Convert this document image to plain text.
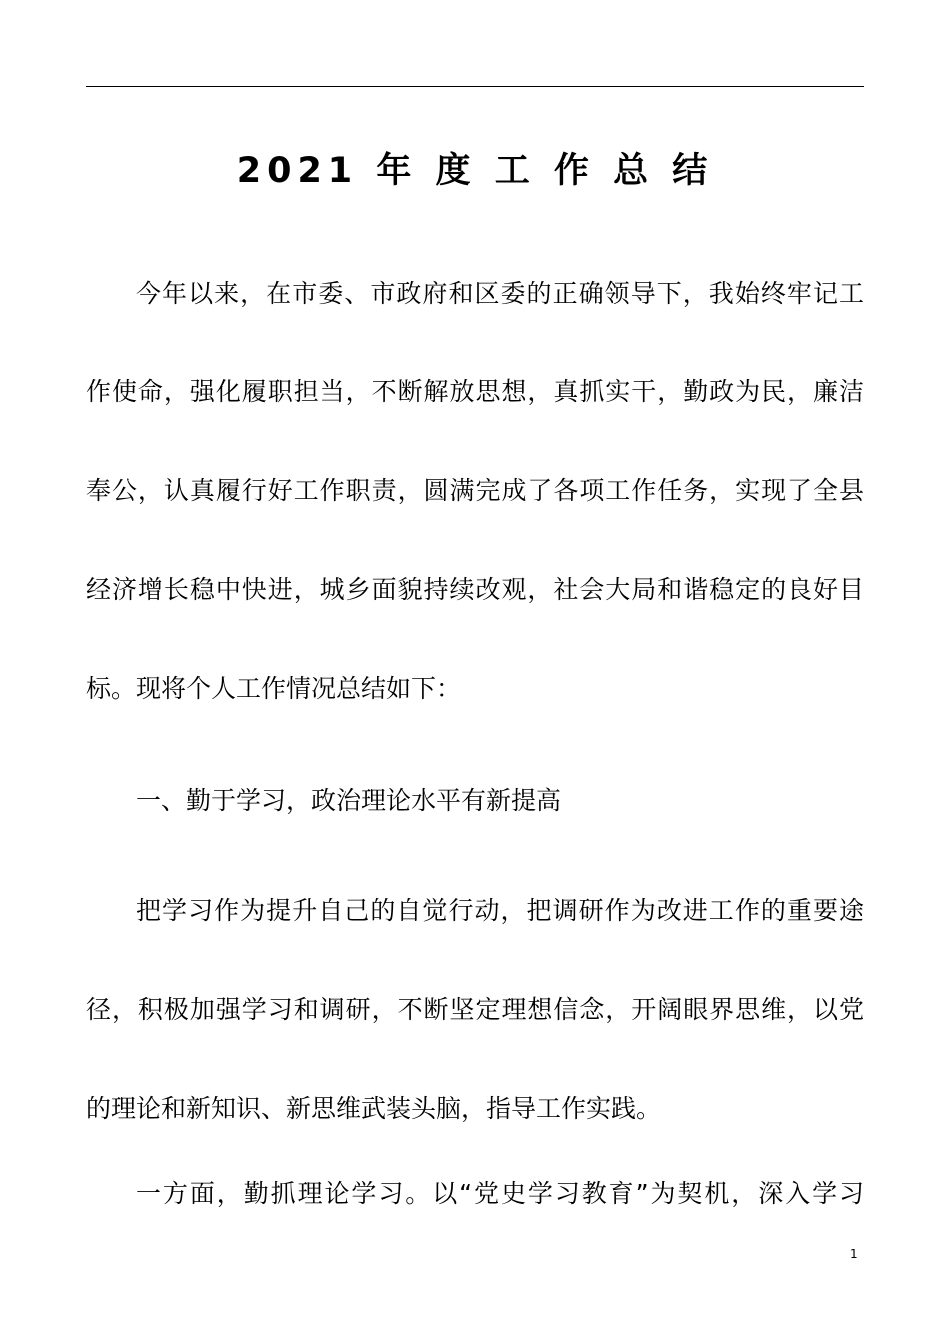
2021 年 度 工 作 总 结

今年以来，在市委、市政府和区委的正确领导下，我始终牢记工

作使命，强化履职担当，不断解放思想，真抓实干，勤政为民，廉洁

奉公，认真履行好工作职责，圆满完成了各项工作任务，实现了全县

经济增长稳中快进，城乡面貌持续改观，社会大局和谐稳定的良好目

标。现将个人工作情况总结如下：

一、勤于学习，政治理论水平有新提高

把学习作为提升自己的自觉行动，把调研作为改进工作的重要途

径，积极加强学习和调研，不断坚定理想信念，开阔眼界思维，以党

的理论和新知识、新思维武装头脑，指导工作实践。

一方面，勤抓理论学习。以“党史学习教育”为契机，深入学习

1
